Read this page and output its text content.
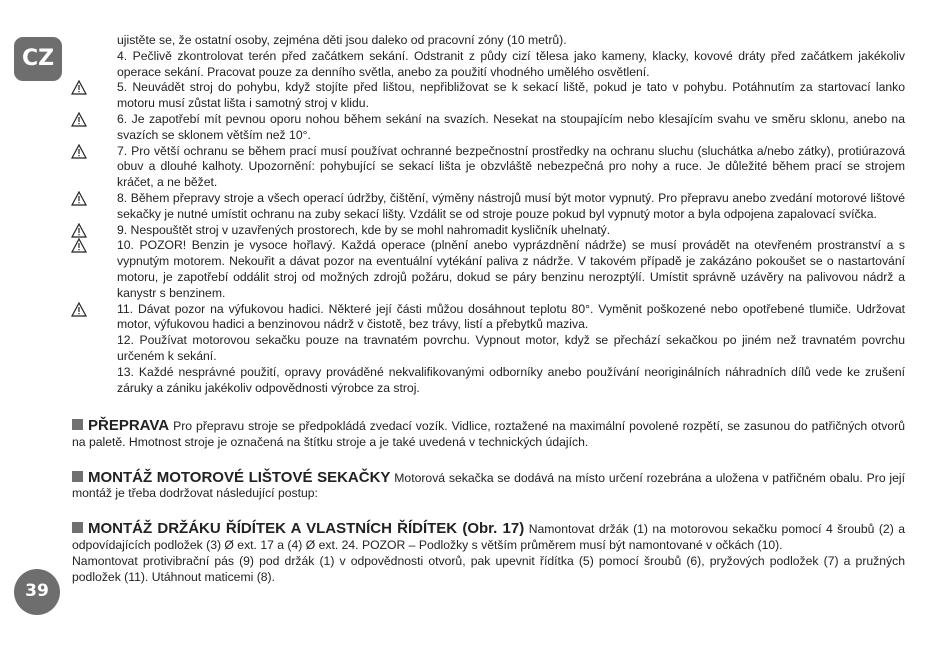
CZ
39
ujistěte se, že ostatní osoby, zejména děti jsou daleko od pracovní zóny (10 metrů).
4. Pečlivě zkontrolovat terén před začátkem sekání. Odstranit z půdy cizí tělesa jako kameny, klacky, kovové dráty před začátkem jakékoliv operace sekání. Pracovat pouze za denního světla, anebo za použití vhodného umělého osvětlení.
5. Neuvádět stroj do pohybu, když stojíte před lištou, nepřibližovat se k sekací liště, pokud je tato v pohybu. Potáhnutím za startovací lanko motoru musí zůstat lišta i samotný stroj v klidu.
6. Je zapotřebí mít pevnou oporu nohou během sekání na svazích. Nesekat na stoupajícím nebo klesajícím svahu ve směru sklonu, anebo na svazích se sklonem větším než 10°.
7. Pro větší ochranu se během prací musí používat ochranné bezpečnostní prostředky na ochranu sluchu (sluchátka a/nebo zátky), protiúrazová obuv a dlouhé kalhoty. Upozornění: pohybující se sekací lišta je obzvláště nebezpečná pro nohy a ruce. Je důležité během prací se strojem kráčet, a ne běžet.
8. Během přepravy stroje a všech operací údržby, čištění, výměny nástrojů musí být motor vypnutý. Pro přepravu anebo zvedání motorové lištové sekačky je nutné umístit ochranu na zuby sekací lišty. Vzdálit se od stroje pouze pokud byl vypnutý motor a byla odpojena zapalovací svíčka.
9. Nespouštět stroj v uzavřených prostorech, kde by se mohl nahromadit kysličník uhelnatý.
10. POZOR! Benzin je vysoce hořlavý. Každá operace (plnění anebo vyprázdnění nádrže) se musí provádět na otevřeném prostranství a s vypnutým motorem. Nekouřit a dávat pozor na eventuální vytékání paliva z nádrže. V takovém případě je zakázáno pokoušet se o nastartování motoru, je zapotřebí oddálit stroj od možných zdrojů požáru, dokud se páry benzinu nerozptýlí. Umístit správně uzávěry na palivovou nádrž a kanystr s benzinem.
11. Dávat pozor na výfukovou hadici. Některé její části můžou dosáhnout teplotu 80°. Vyměnit poškozené nebo opotřebené tlumiče. Udržovat motor, výfukovou hadici a benzinovou nádrž v čistotě, bez trávy, listí a přebytků maziva.
12. Používat motorovou sekačku pouze na travnatém povrchu. Vypnout motor, když se přechází sekačkou po jiném než travnatém povrchu určeném k sekání.
13. Každé nesprávné použití, opravy prováděné nekvalifikovanými odborníky anebo používání neoriginálních náhradních dílů vede ke zrušení záruky a zániku jakékoliv odpovědnosti výrobce za stroj.

PŘEPRAVA Pro přepravu stroje se předpokládá zvedací vozík. Vidlice, roztažené na maximální povolené rozpětí, se zasunou do patřičných otvorů na paletě. Hmotnost stroje je označená na štítku stroje a je také uvedená v technických údajích.

MONTÁŽ MOTOROVÉ LIŠTOVÉ SEKAČKY Motorová sekačka se dodává na místo určení rozebrána a uložena v patřičném obalu. Pro její montáž je třeba dodržovat následující postup:

MONTÁŽ DRŽÁKU ŘÍDÍTEK A VLASTNÍCH ŘÍDÍTEK (Obr. 17) Namontovat držák (1) na motorovou sekačku pomocí 4 šroubů (2) a odpovídajících podložek (3) Ø ext. 17 a (4) Ø ext. 24. POZOR – Podložky s větším průměrem musí být namontované v očkách (10).

Namontovat protivibrační pás (9) pod držák (1) v odpovědnosti otvorů, pak upevnit řídítka (5) pomocí šroubů (6), pryžových podložek (7) a pružných podložek (11). Utáhnout maticemi (8).
